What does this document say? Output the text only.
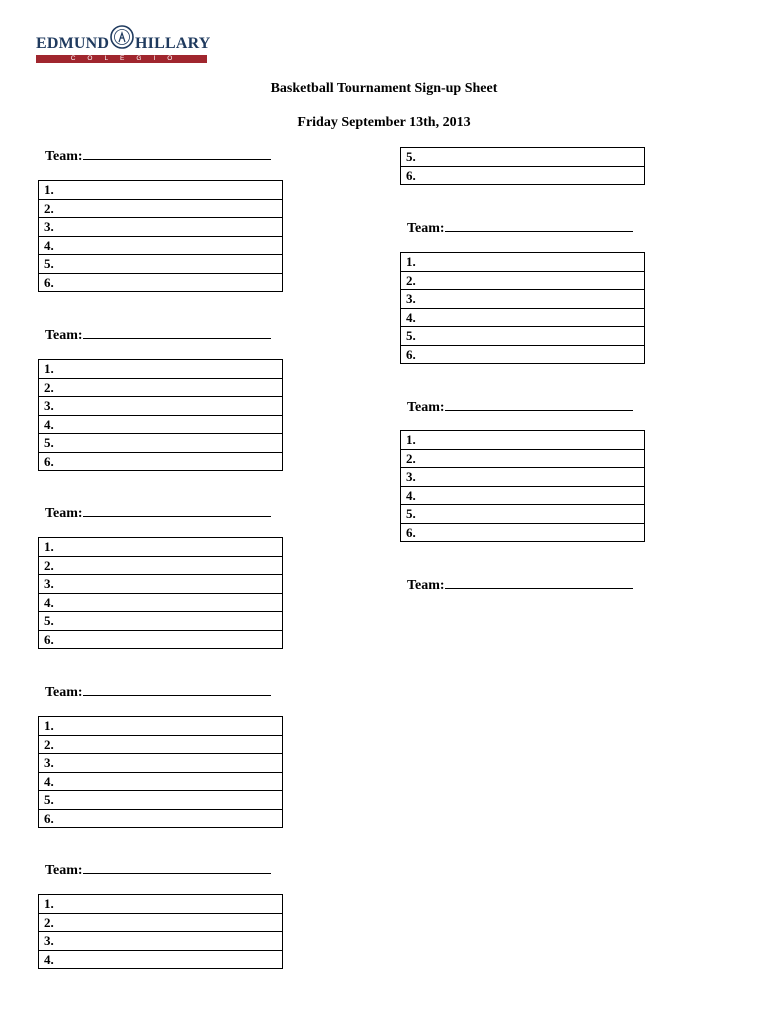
EDMUND HILLARY
COLEGIO
Basketball Tournament Sign-up Sheet
Friday September 13th, 2013
Team:
1.
2.
3.
4.
5.
6.
Team:
1.
2.
3.
4.
5.
6.
Team:
1.
2.
3.
4.
5.
6.
Team:
1.
2.
3.
4.
5.
6.
Team:
1.
2.
3.
4.
5.
6.
Team:
1.
2.
3.
4.
5.
6.
Team:
1.
2.
3.
4.
5.
6.
Team:
